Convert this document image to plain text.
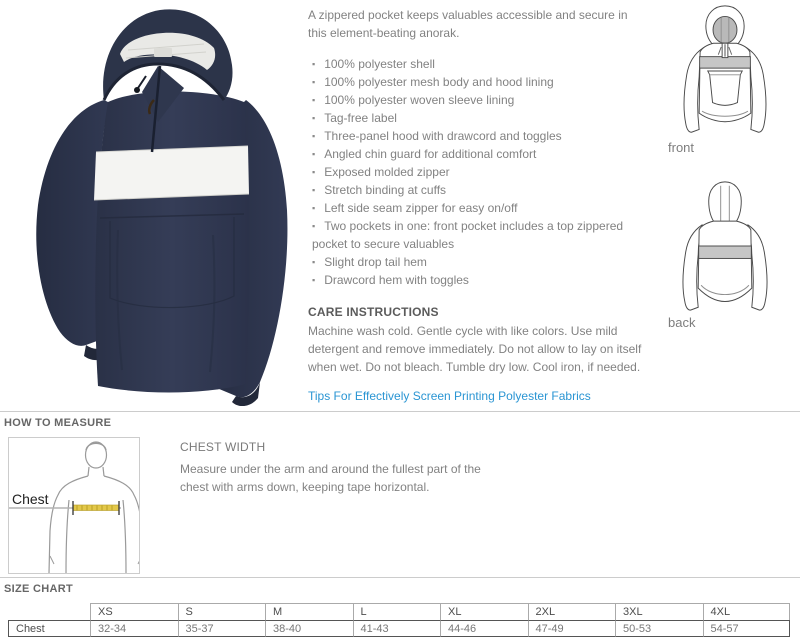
A zippered pocket keeps valuables accessible and secure in this element-beating anorak.

▪ 100% polyester shell
▪ 100% polyester mesh body and hood lining
▪ 100% polyester woven sleeve lining
▪ Tag-free label
▪ Three-panel hood with drawcord and toggles
▪ Angled chin guard for additional comfort
▪ Exposed molded zipper
▪ Stretch binding at cuffs
▪ Left side seam zipper for easy on/off
▪ Two pockets in one: front pocket includes a top zippered pocket to secure valuables
▪ Slight drop tail hem
▪ Drawcord hem with toggles
CARE INSTRUCTIONS

Machine wash cold. Gentle cycle with like colors. Use mild detergent and remove immediately. Do not allow to lay on itself when wet. Do not bleach. Tumble dry low. Cool iron, if needed.

Tips For Effectively Screen Printing Polyester Fabrics
front
back
HOW TO MEASURE
Chest
CHEST WIDTH

Measure under the arm and around the fullest part of the chest with arms down, keeping tape horizontal.

SIZE CHART
	XS	S	M	L	XL	2XL	3XL	4XL
Chest	32-34	35-37	38-40	41-43	44-46	47-49	50-53	54-57
